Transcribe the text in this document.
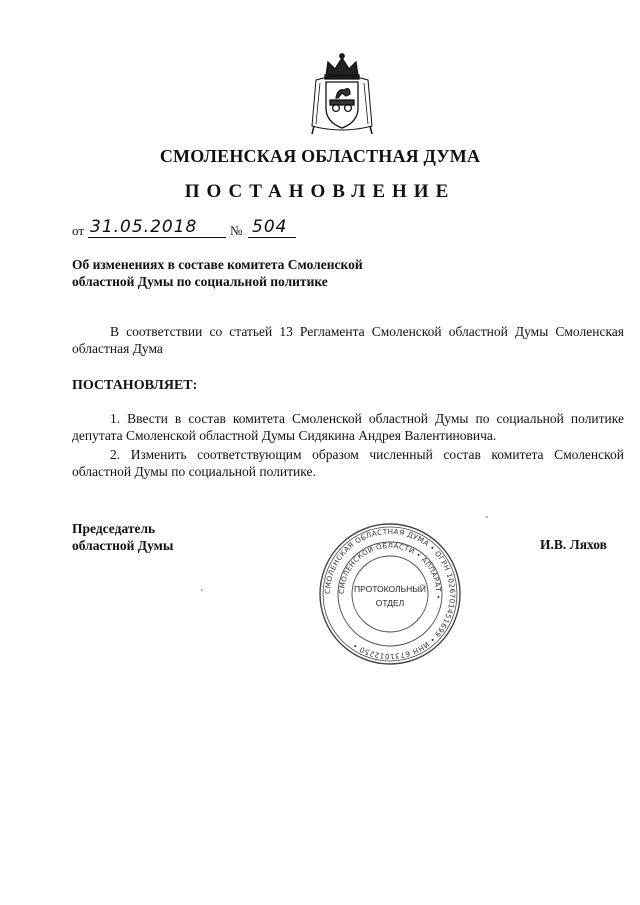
СМОЛЕНСКАЯ ОБЛАСТНАЯ ДУМА
ПОСТАНОВЛЕНИЕ
от 31.05.2018	№ 504
Об изменениях в составе комитета Смоленской
областной Думы по социальной политике
В соответствии со статьей 13 Регламента Смоленской областной Думы Смоленская областная Дума
ПОСТАНОВЛЯЕТ:
1. Ввести в состав комитета Смоленской областной Думы по социальной политике депутата Смоленской областной Думы Сидякина Андрея Валентиновича.
2. Изменить соответствующим образом численный состав комитета Смоленской областной Думы по социальной политике.
Председатель
областной Думы	И.В. Ляхов
СМОЛЕНСКАЯ ОБЛАСТНАЯ ДУМА • ОГРН 1026701451699 • ИНН 6731012250 •
СМОЛЕНСКОЙ ОБЛАСТИ • АППАРАТ •
ПРОТОКОЛЬНЫЙ
ОТДЕЛ
